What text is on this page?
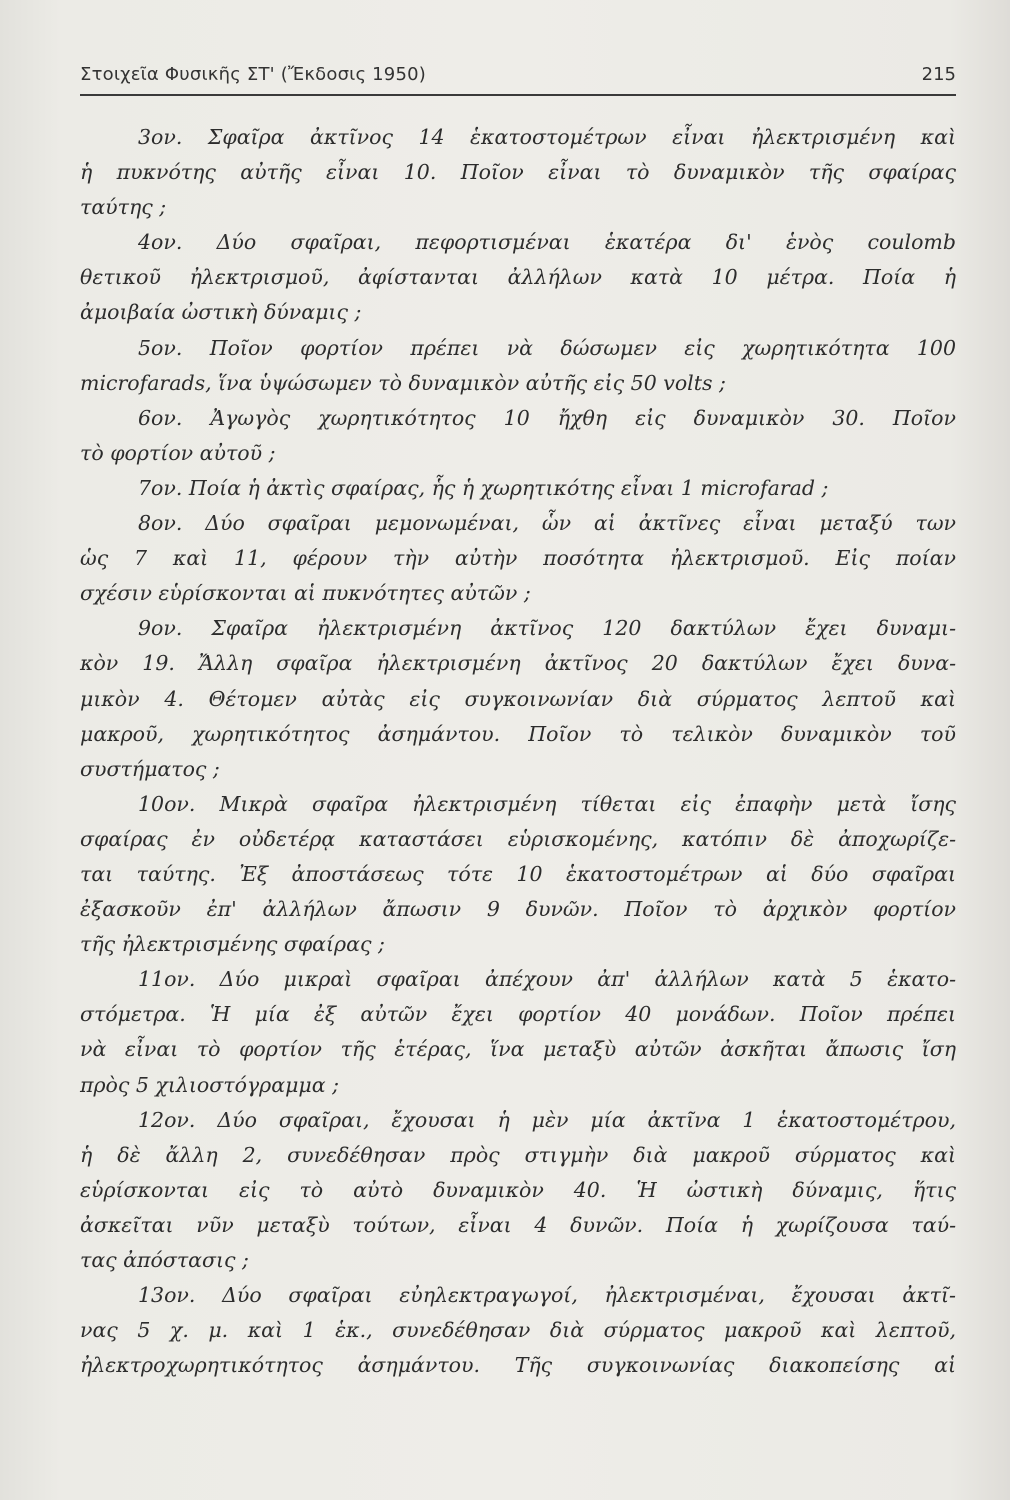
Στοιχεῖα Φυσικῆς ΣΤ' (Ἔκδοσις 1950)	215
3ον. Σφαῖρα ἀκτῖνος 14 ἑκατοστομέτρων εἶναι ἠλεκτρισμένη καὶ
ἡ πυκνότης αὐτῆς εἶναι 10. Ποῖον εἶναι τὸ δυναμικὸν τῆς σφαίρας
ταύτης ;
4ον. Δύο σφαῖραι, πεφορτισμέναι ἑκατέρα δι' ἑνὸς coulomb
θετικοῦ ἠλεκτρισμοῦ, ἀφίστανται ἀλλήλων κατὰ 10 μέτρα. Ποία ἡ
ἀμοιβαία ὠστικὴ δύναμις ;
5ον. Ποῖον φορτίον πρέπει νὰ δώσωμεν εἰς χωρητικότητα 100
microfarads, ἵνα ὑψώσωμεν τὸ δυναμικὸν αὐτῆς εἰς 50 volts ;
6ον. Ἀγωγὸς χωρητικότητος 10 ἤχθη εἰς δυναμικὸν 30. Ποῖον
τὸ φορτίον αὐτοῦ ;
7ον. Ποία ἡ ἀκτὶς σφαίρας, ἧς ἡ χωρητικότης εἶναι 1 microfarad ;
8ον. Δύο σφαῖραι μεμονωμέναι, ὧν αἱ ἀκτῖνες εἶναι μεταξύ των
ὡς 7 καὶ 11, φέρουν τὴν αὐτὴν ποσότητα ἠλεκτρισμοῦ. Εἰς ποίαν
σχέσιν εὑρίσκονται αἱ πυκνότητες αὐτῶν ;
9ον. Σφαῖρα ἠλεκτρισμένη ἀκτῖνος 120 δακτύλων ἔχει δυναμι-
κὸν 19. Ἄλλη σφαῖρα ἠλεκτρισμένη ἀκτῖνος 20 δακτύλων ἔχει δυνα-
μικὸν 4. Θέτομεν αὐτὰς εἰς συγκοινωνίαν διὰ σύρματος λεπτοῦ καὶ
μακροῦ, χωρητικότητος ἀσημάντου. Ποῖον τὸ τελικὸν δυναμικὸν τοῦ
συστήματος ;
10ον. Μικρὰ σφαῖρα ἠλεκτρισμένη τίθεται εἰς ἐπαφὴν μετὰ ἴσης
σφαίρας ἐν οὐδετέρᾳ καταστάσει εὑρισκομένης, κατόπιν δὲ ἀποχωρίζε-
ται ταύτης. Ἐξ ἀποστάσεως τότε 10 ἑκατοστομέτρων αἱ δύο σφαῖραι
ἐξασκοῦν ἐπ' ἀλλήλων ἄπωσιν 9 δυνῶν. Ποῖον τὸ ἀρχικὸν φορτίον
τῆς ἠλεκτρισμένης σφαίρας ;
11ον. Δύο μικραὶ σφαῖραι ἀπέχουν ἀπ' ἀλλήλων κατὰ 5 ἑκατο-
στόμετρα. Ἡ μία ἐξ αὐτῶν ἔχει φορτίον 40 μονάδων. Ποῖον πρέπει
νὰ εἶναι τὸ φορτίον τῆς ἑτέρας, ἵνα μεταξὺ αὐτῶν ἀσκῆται ἄπωσις ἴση
πρὸς 5 χιλιοστόγραμμα ;
12ον. Δύο σφαῖραι, ἔχουσαι ἡ μὲν μία ἀκτῖνα 1 ἑκατοστομέτρου,
ἡ δὲ ἄλλη 2, συνεδέθησαν πρὸς στιγμὴν διὰ μακροῦ σύρματος καὶ
εὑρίσκονται εἰς τὸ αὐτὸ δυναμικὸν 40. Ἡ ὠστικὴ δύναμις, ἥτις
ἀσκεῖται νῦν μεταξὺ τούτων, εἶναι 4 δυνῶν. Ποία ἡ χωρίζουσα ταύ-
τας ἀπόστασις ;
13ον. Δύο σφαῖραι εὐηλεκτραγωγοί, ἠλεκτρισμέναι, ἔχουσαι ἀκτῖ-
νας 5 χ. μ. καὶ 1 ἑκ., συνεδέθησαν διὰ σύρματος μακροῦ καὶ λεπτοῦ,
ἠλεκτροχωρητικότητος ἀσημάντου. Τῆς συγκοινωνίας διακοπείσης αἱ
